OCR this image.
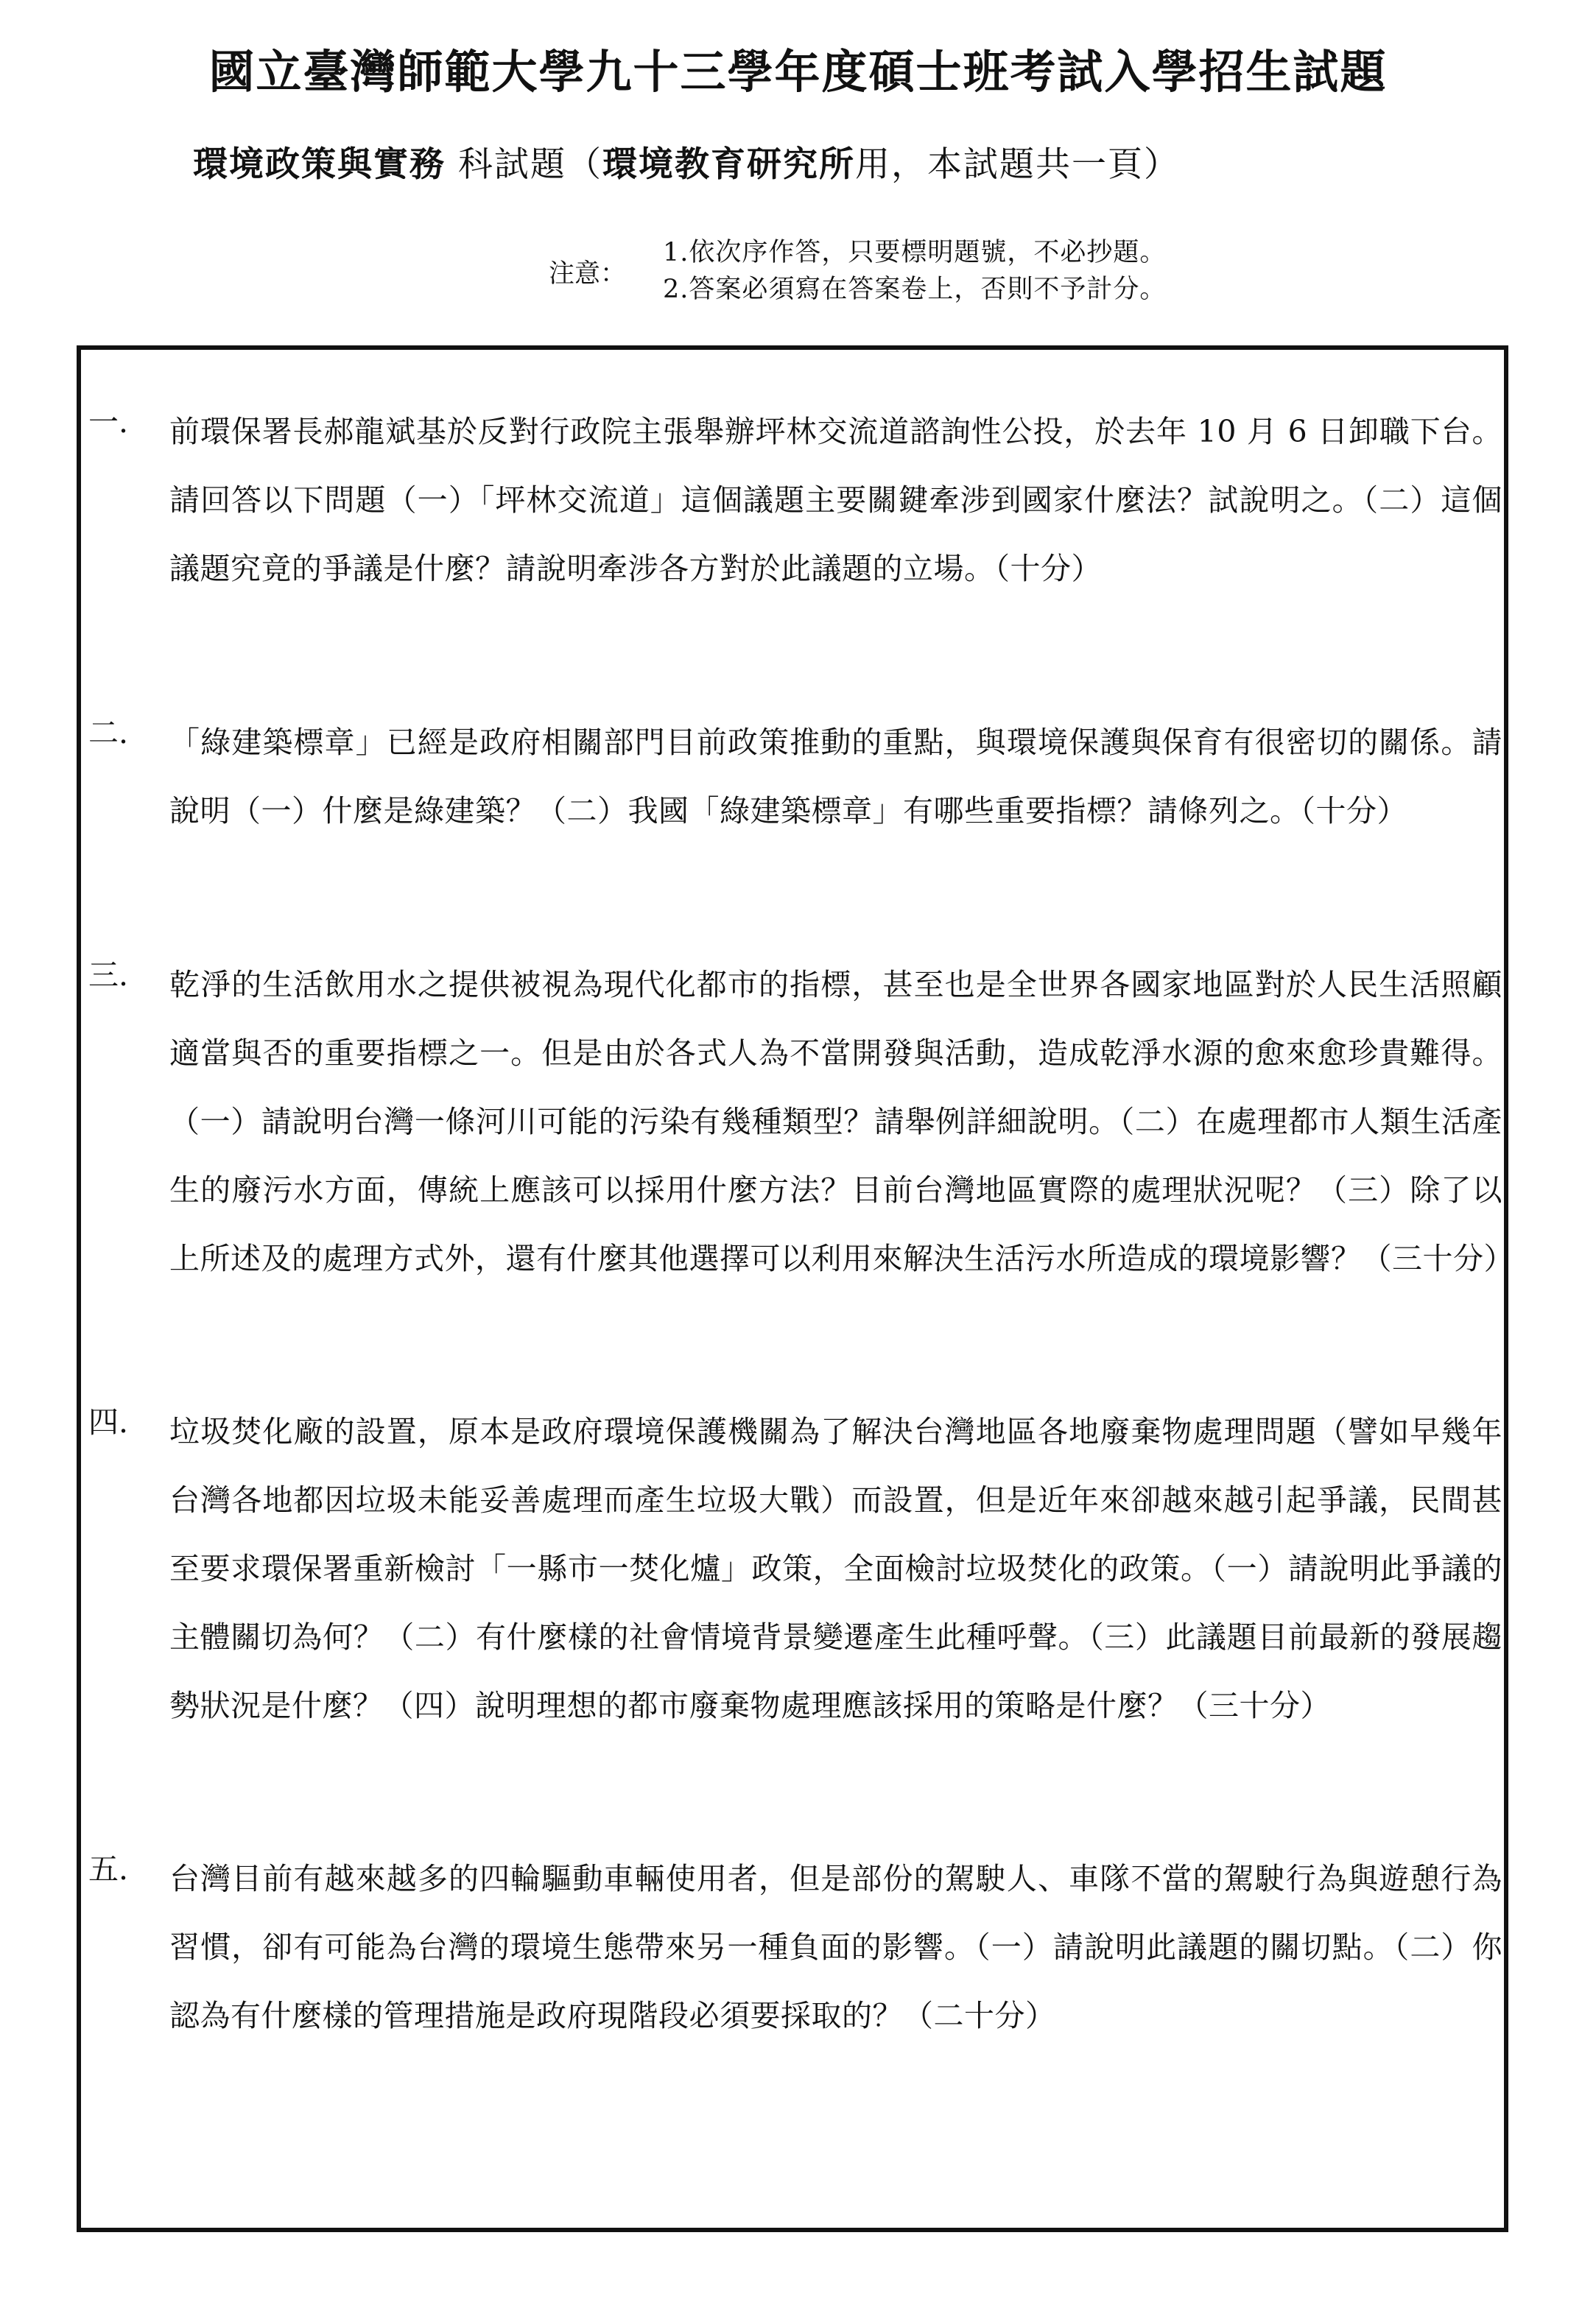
國立臺灣師範大學九十三學年度碩士班考試入學招生試題
環境政策與實務 科試題（環境教育研究所用，本試題共一頁）
注意：
1.依次序作答，只要標明題號，不必抄題。
2.答案必須寫在答案卷上，否則不予計分。
一.	前環保署長郝龍斌基於反對行政院主張舉辦坪林交流道諮詢性公投，於去年 10 月 6 日卸職下台。請回答以下問題（一）「坪林交流道」這個議題主要關鍵牽涉到國家什麼法？試說明之。（二）這個議題究竟的爭議是什麼？請說明牽涉各方對於此議題的立場。（十分）

二.	「綠建築標章」已經是政府相關部門目前政策推動的重點，與環境保護與保育有很密切的關係。請說明（一）什麼是綠建築？（二）我國「綠建築標章」有哪些重要指標？請條列之。（十分）

三.	乾淨的生活飲用水之提供被視為現代化都市的指標，甚至也是全世界各國家地區對於人民生活照顧適當與否的重要指標之一。但是由於各式人為不當開發與活動，造成乾淨水源的愈來愈珍貴難得。（一）請說明台灣一條河川可能的污染有幾種類型？請舉例詳細說明。（二）在處理都市人類生活產生的廢污水方面，傳統上應該可以採用什麼方法？目前台灣地區實際的處理狀況呢？（三）除了以上所述及的處理方式外，還有什麼其他選擇可以利用來解決生活污水所造成的環境影響？（三十分）

四.	垃圾焚化廠的設置，原本是政府環境保護機關為了解決台灣地區各地廢棄物處理問題（譬如早幾年台灣各地都因垃圾未能妥善處理而產生垃圾大戰）而設置，但是近年來卻越來越引起爭議，民間甚至要求環保署重新檢討「一縣市一焚化爐」政策，全面檢討垃圾焚化的政策。（一）請說明此爭議的主體關切為何？（二）有什麼樣的社會情境背景變遷產生此種呼聲。（三）此議題目前最新的發展趨勢狀況是什麼？（四）說明理想的都市廢棄物處理應該採用的策略是什麼？（三十分）

五.	台灣目前有越來越多的四輪驅動車輛使用者，但是部份的駕駛人、車隊不當的駕駛行為與遊憩行為習慣，卻有可能為台灣的環境生態帶來另一種負面的影響。（一）請說明此議題的關切點。（二）你認為有什麼樣的管理措施是政府現階段必須要採取的？（二十分）
